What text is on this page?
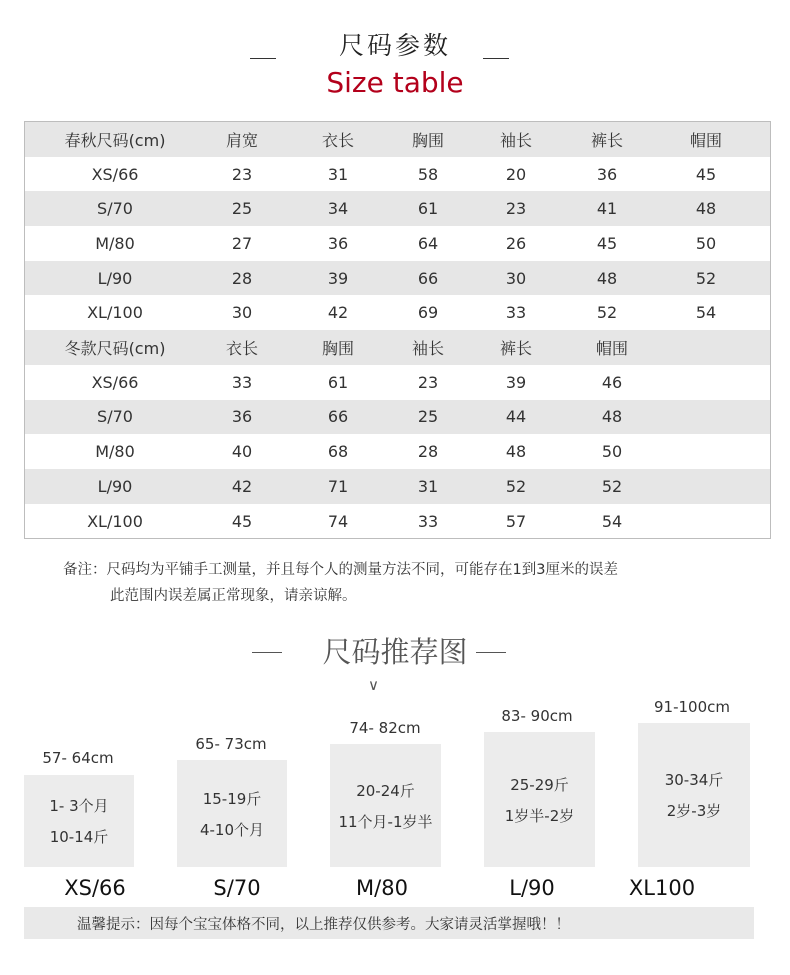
尺码参数
Size table
春秋尺码(cm)	肩宽	衣长	胸围	袖长	裤长	帽围
XS/66	23	31	58	20	36	45
S/70	25	34	61	23	41	48
M/80	27	36	64	26	45	50
L/90	28	39	66	30	48	52
XL/100	30	42	69	33	52	54
冬款尺码(cm)	衣长	胸围	袖长	裤长	帽围
XS/66	33	61	23	39	46
S/70	36	66	25	44	48
M/80	40	68	28	48	50
L/90	42	71	31	52	52
XL/100	45	74	33	57	54
备注：尺码均为平铺手工测量，并且每个人的测量方法不同，可能存在1到3厘米的误差
此范围内误差属正常现象，请亲谅解。
尺码推荐图
∨
57- 64cm
1- 3个月
10-14斤
XS/66
65- 73cm
15-19斤
4-10个月
S/70
74- 82cm
20-24斤
11个月-1岁半
M/80
83- 90cm
25-29斤
1岁半-2岁
L/90
91-100cm
30-34斤
2岁-3岁
XL100
温馨提示：因每个宝宝体格不同，以上推荐仅供参考。大家请灵活掌握哦！！
